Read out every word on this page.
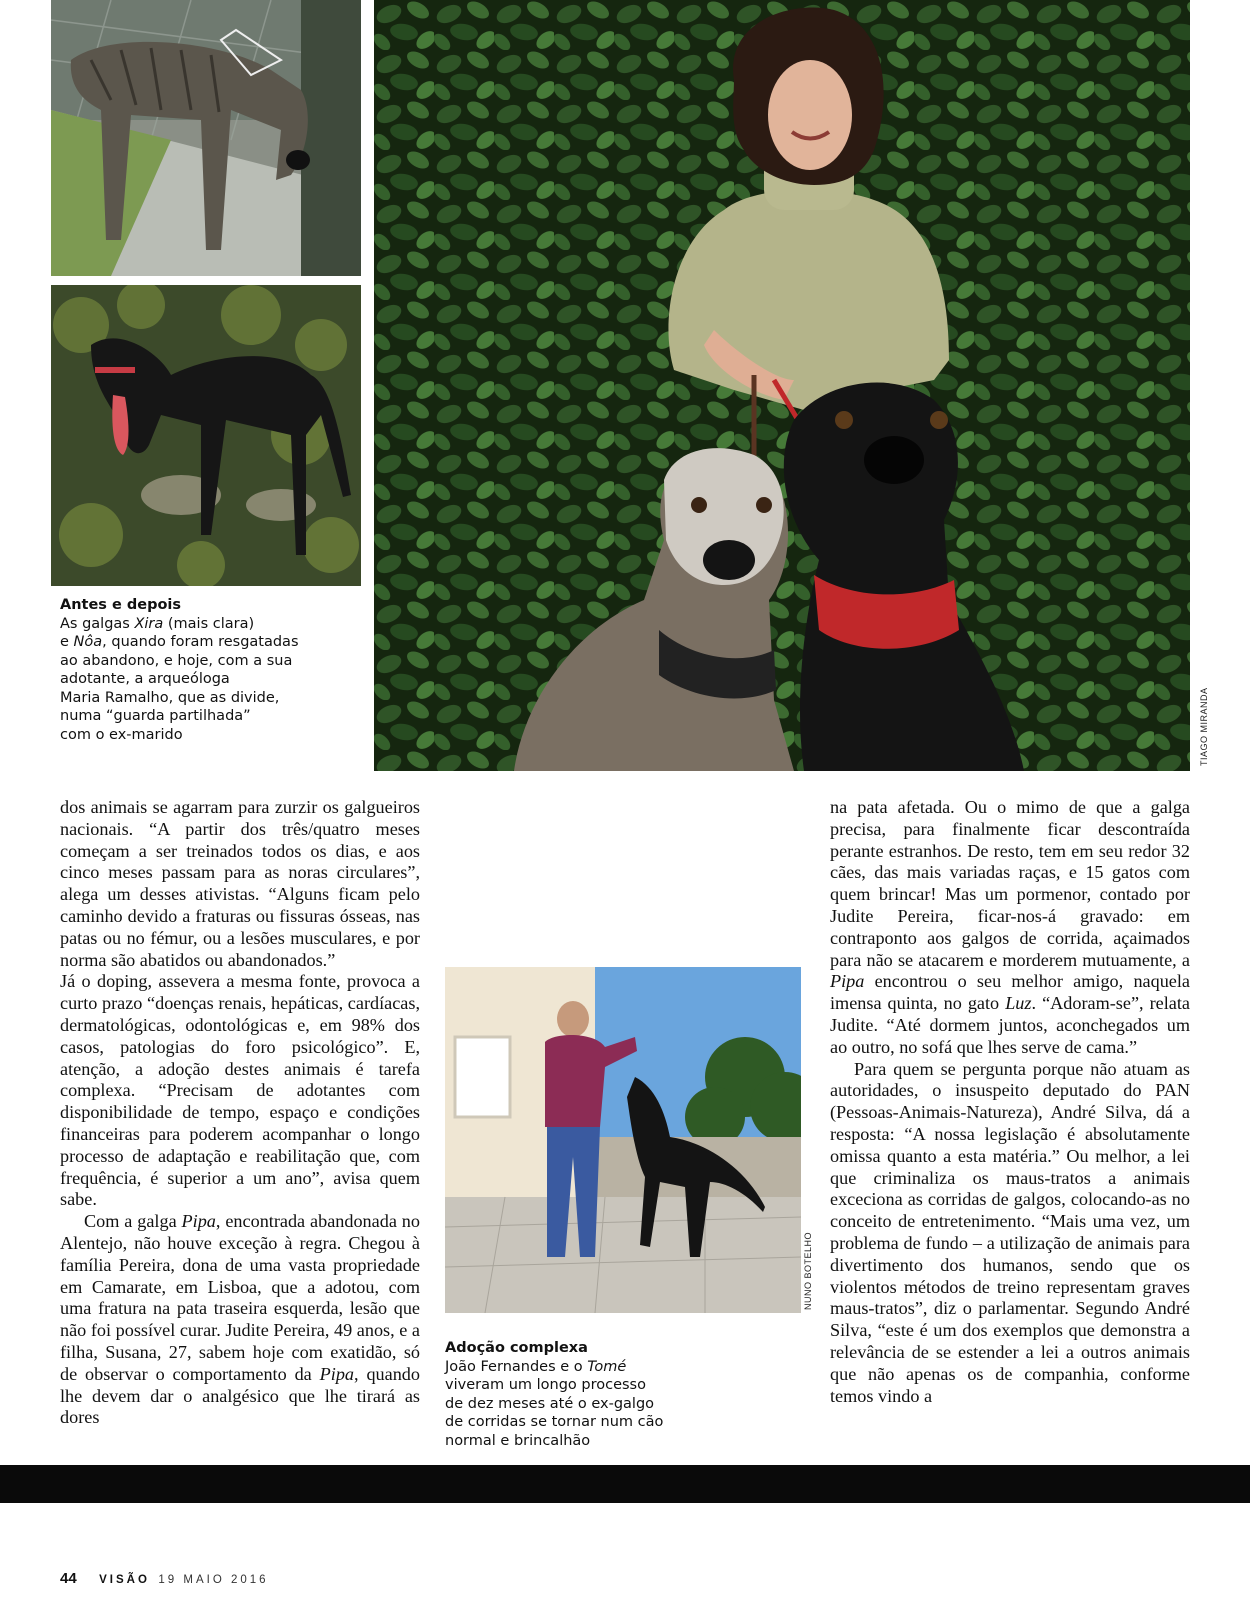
Antes e depois
As galgas Xira (mais clara)
e Nôa, quando foram resgatadas
ao abandono, e hoje, com a sua
adotante, a arqueóloga
Maria Ramalho, que as divide,
numa “guarda partilhada”
com o ex-marido	TIAGO MIRANDA

dos animais se agarram para zurzir os galgueiros nacionais. “A partir dos três/quatro meses começam a ser treinados todos os dias, e aos cinco meses passam para as noras circulares”, alega um desses ativistas. “Alguns ficam pelo caminho devido a fraturas ou fissuras ósseas, nas patas ou no fémur, ou a lesões musculares, e por norma são abatidos ou abandonados.”

Já o doping, assevera a mesma fonte, provoca a curto prazo “doenças renais, hepáticas, cardíacas, dermatológicas, odontológicas e, em 98% dos casos, patologias do foro psicológico”. E, atenção, a adoção destes animais é tarefa complexa. “Precisam de adotantes com disponibilidade de tempo, espaço e condições financeiras para poderem acompanhar o longo processo de adaptação e reabilitação que, com frequência, é superior a um ano”, avisa quem sabe.

Com a galga Pipa, encontrada abandonada no Alentejo, não houve exceção à regra. Chegou à família Pereira, dona de uma vasta propriedade em Camarate, em Lisboa, que a adotou, com uma fratura na pata traseira esquerda, lesão que não foi possível curar. Judite Pereira, 49 anos, e a filha, Susana, 27, sabem hoje com exatidão, só de observar o comportamento da Pipa, quando lhe devem dar o analgésico que lhe tirará as dores

NUNO BOTELHO
Adoção complexa
João Fernandes e o Tomé
viveram um longo processo
de dez meses até o ex-galgo
de corridas se tornar num cão
normal e brincalhão

na pata afetada. Ou o mimo de que a galga precisa, para finalmente ficar descontraída perante estranhos. De resto, tem em seu redor 32 cães, das mais variadas raças, e 15 gatos com quem brincar! Mas um pormenor, contado por Judite Pereira, ficar-nos-á gravado: em contraponto aos galgos de corrida, açaimados para não se atacarem e morderem mutuamente, a Pipa encontrou o seu melhor amigo, naquela imensa quinta, no gato Luz. “Adoram-se”, relata Judite. “Até dormem juntos, aconchegados um ao outro, no sofá que lhes serve de cama.”

Para quem se pergunta porque não atuam as autoridades, o insuspeito deputado do PAN (Pessoas-Animais-Natureza), André Silva, dá a resposta: “A nossa legislação é absolutamente omissa quanto a esta matéria.” Ou melhor, a lei que criminaliza os maus-tratos a animais exceciona as corridas de galgos, colocando-as no conceito de entretenimento. “Mais uma vez, um problema de fundo – a utilização de animais para divertimento dos humanos, sendo que os violentos métodos de treino representam graves maus-tratos”, diz o parlamentar. Segundo André Silva, “este é um dos exemplos que demonstra a relevância de se estender a lei a outros animais que não apenas os de companhia, conforme temos vindo a

44 VISÃO 19 MAIO 2016
